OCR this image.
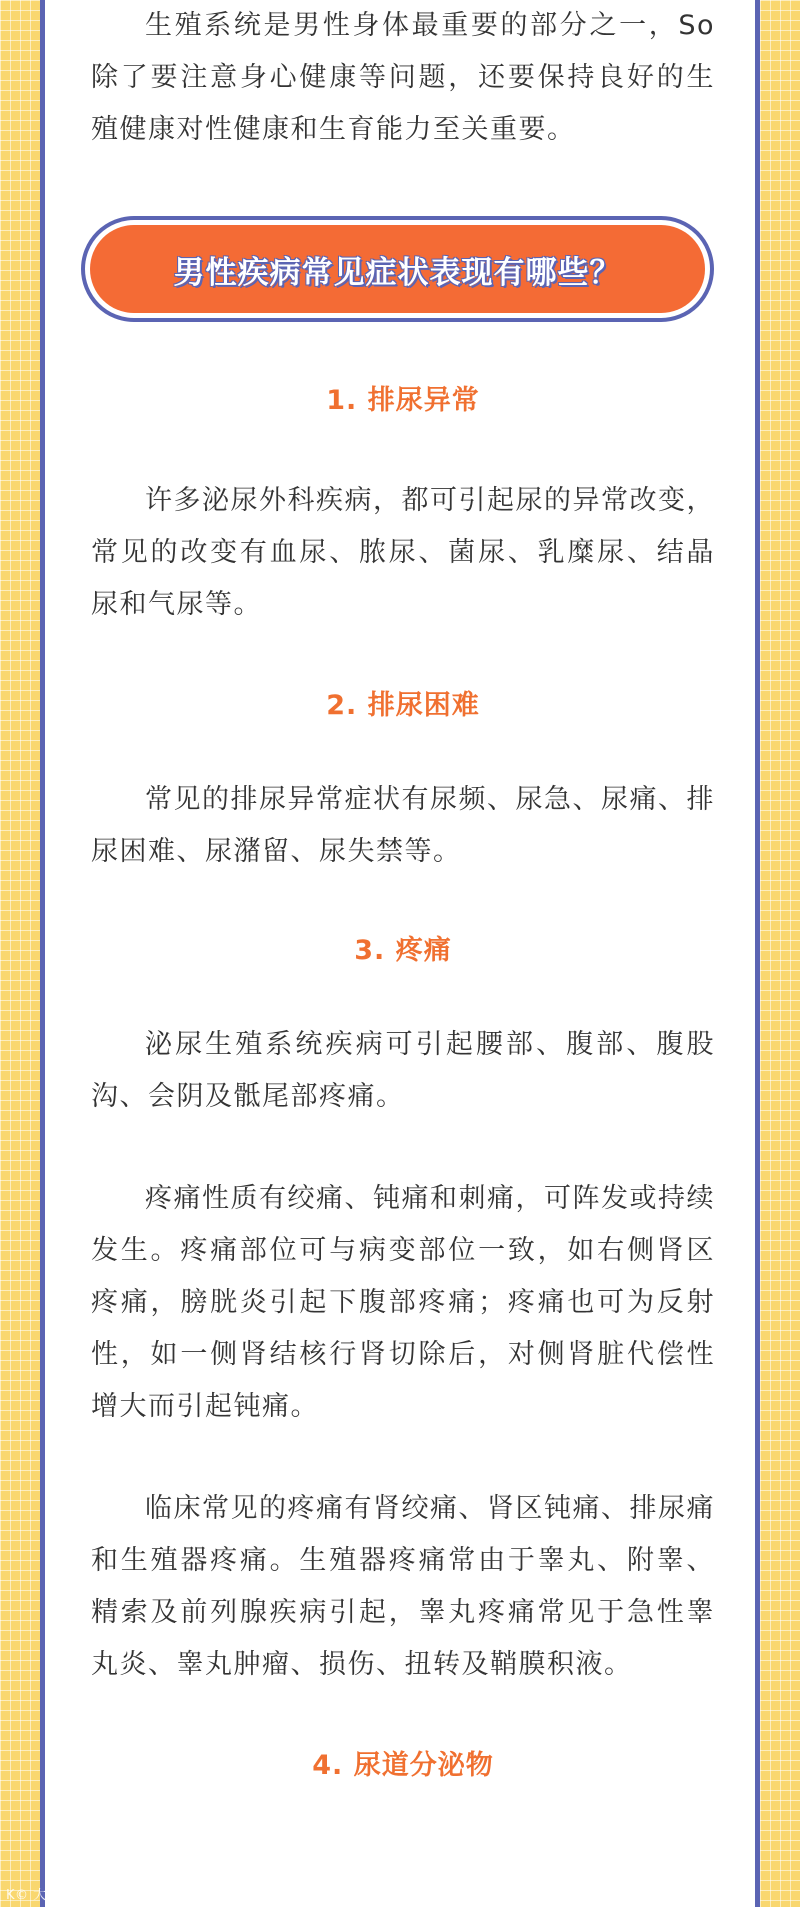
生殖系统是男性身体最重要的部分之一，So 除了要注意身心健康等问题，还要保持良好的生殖健康对性健康和生育能力至关重要。

男性疾病常见症状表现有哪些？
1. 排尿异常

许多泌尿外科疾病，都可引起尿的异常改变，常见的改变有血尿、脓尿、菌尿、乳糜尿、结晶尿和气尿等。

2. 排尿困难

常见的排尿异常症状有尿频、尿急、尿痛、排尿困难、尿潴留、尿失禁等。

3. 疼痛

泌尿生殖系统疾病可引起腰部、腹部、腹股沟、会阴及骶尾部疼痛。

疼痛性质有绞痛、钝痛和刺痛，可阵发或持续发生。疼痛部位可与病变部位一致，如右侧肾区疼痛，膀胱炎引起下腹部疼痛；疼痛也可为反射性，如一侧肾结核行肾切除后，对侧肾脏代偿性增大而引起钝痛。

临床常见的疼痛有肾绞痛、肾区钝痛、排尿痛和生殖器疼痛。生殖器疼痛常由于睾丸、附睾、精索及前列腺疾病引起，睾丸疼痛常见于急性睾丸炎、睾丸肿瘤、损伤、扭转及鞘膜积液。

4. 尿道分泌物
K© 大鱼号
